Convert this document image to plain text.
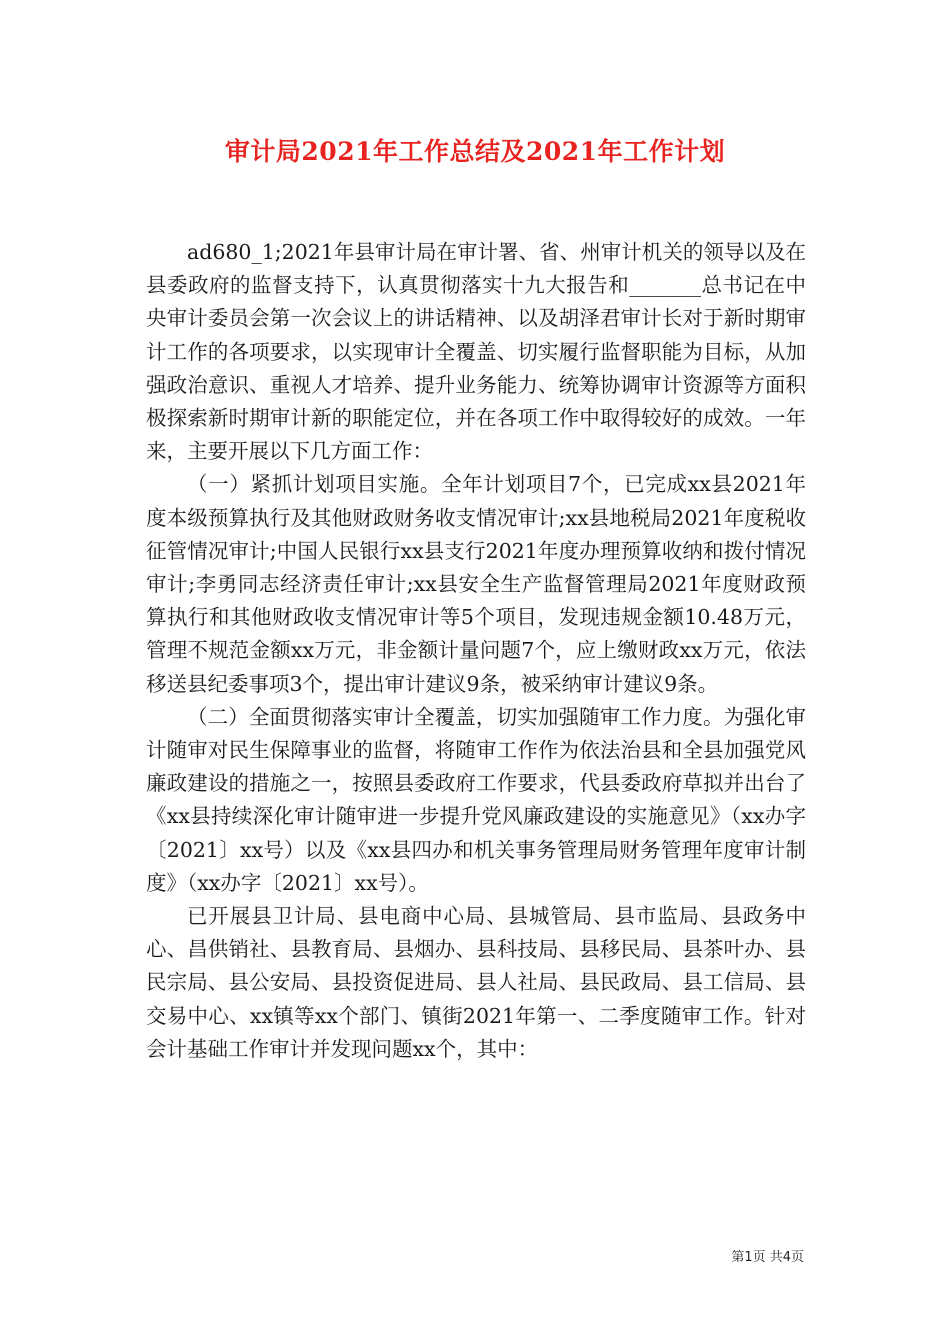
审计局2021年工作总结及2021年工作计划

ad680_1;2021年县审计局在审计署、省、州审计机关的领导以及在县委政府的监督支持下，认真贯彻落实十九大报告和_______总书记在中央审计委员会第一次会议上的讲话精神、以及胡泽君审计长对于新时期审计工作的各项要求，以实现审计全覆盖、切实履行监督职能为目标，从加强政治意识、重视人才培养、提升业务能力、统筹协调审计资源等方面积极探索新时期审计新的职能定位，并在各项工作中取得较好的成效。一年来，主要开展以下几方面工作：

（一）紧抓计划项目实施。全年计划项目7个，已完成xx县2021年度本级预算执行及其他财政财务收支情况审计;xx县地税局2021年度税收征管情况审计;中国人民银行xx县支行2021年度办理预算收纳和拨付情况审计;李勇同志经济责任审计;xx县安全生产监督管理局2021年度财政预算执行和其他财政收支情况审计等5个项目，发现违规金额10.48万元，管理不规范金额xx万元，非金额计量问题7个，应上缴财政xx万元，依法移送县纪委事项3个，提出审计建议9条，被采纳审计建议9条。

（二）全面贯彻落实审计全覆盖，切实加强随审工作力度。为强化审计随审对民生保障事业的监督，将随审工作作为依法治县和全县加强党风廉政建设的措施之一，按照县委政府工作要求，代县委政府草拟并出台了《xx县持续深化审计随审进一步提升党风廉政建设的实施意见》（xx办字〔2021〕xx号）以及《xx县四办和机关事务管理局财务管理年度审计制度》（xx办字〔2021〕xx号）。

已开展县卫计局、县电商中心局、县城管局、县市监局、县政务中心、昌供销社、县教育局、县烟办、县科技局、县移民局、县茶叶办、县民宗局、县公安局、县投资促进局、县人社局、县民政局、县工信局、县交易中心、xx镇等xx个部门、镇街2021年第一、二季度随审工作。针对会计基础工作审计并发现问题xx个，其中：

第1页 共4页
